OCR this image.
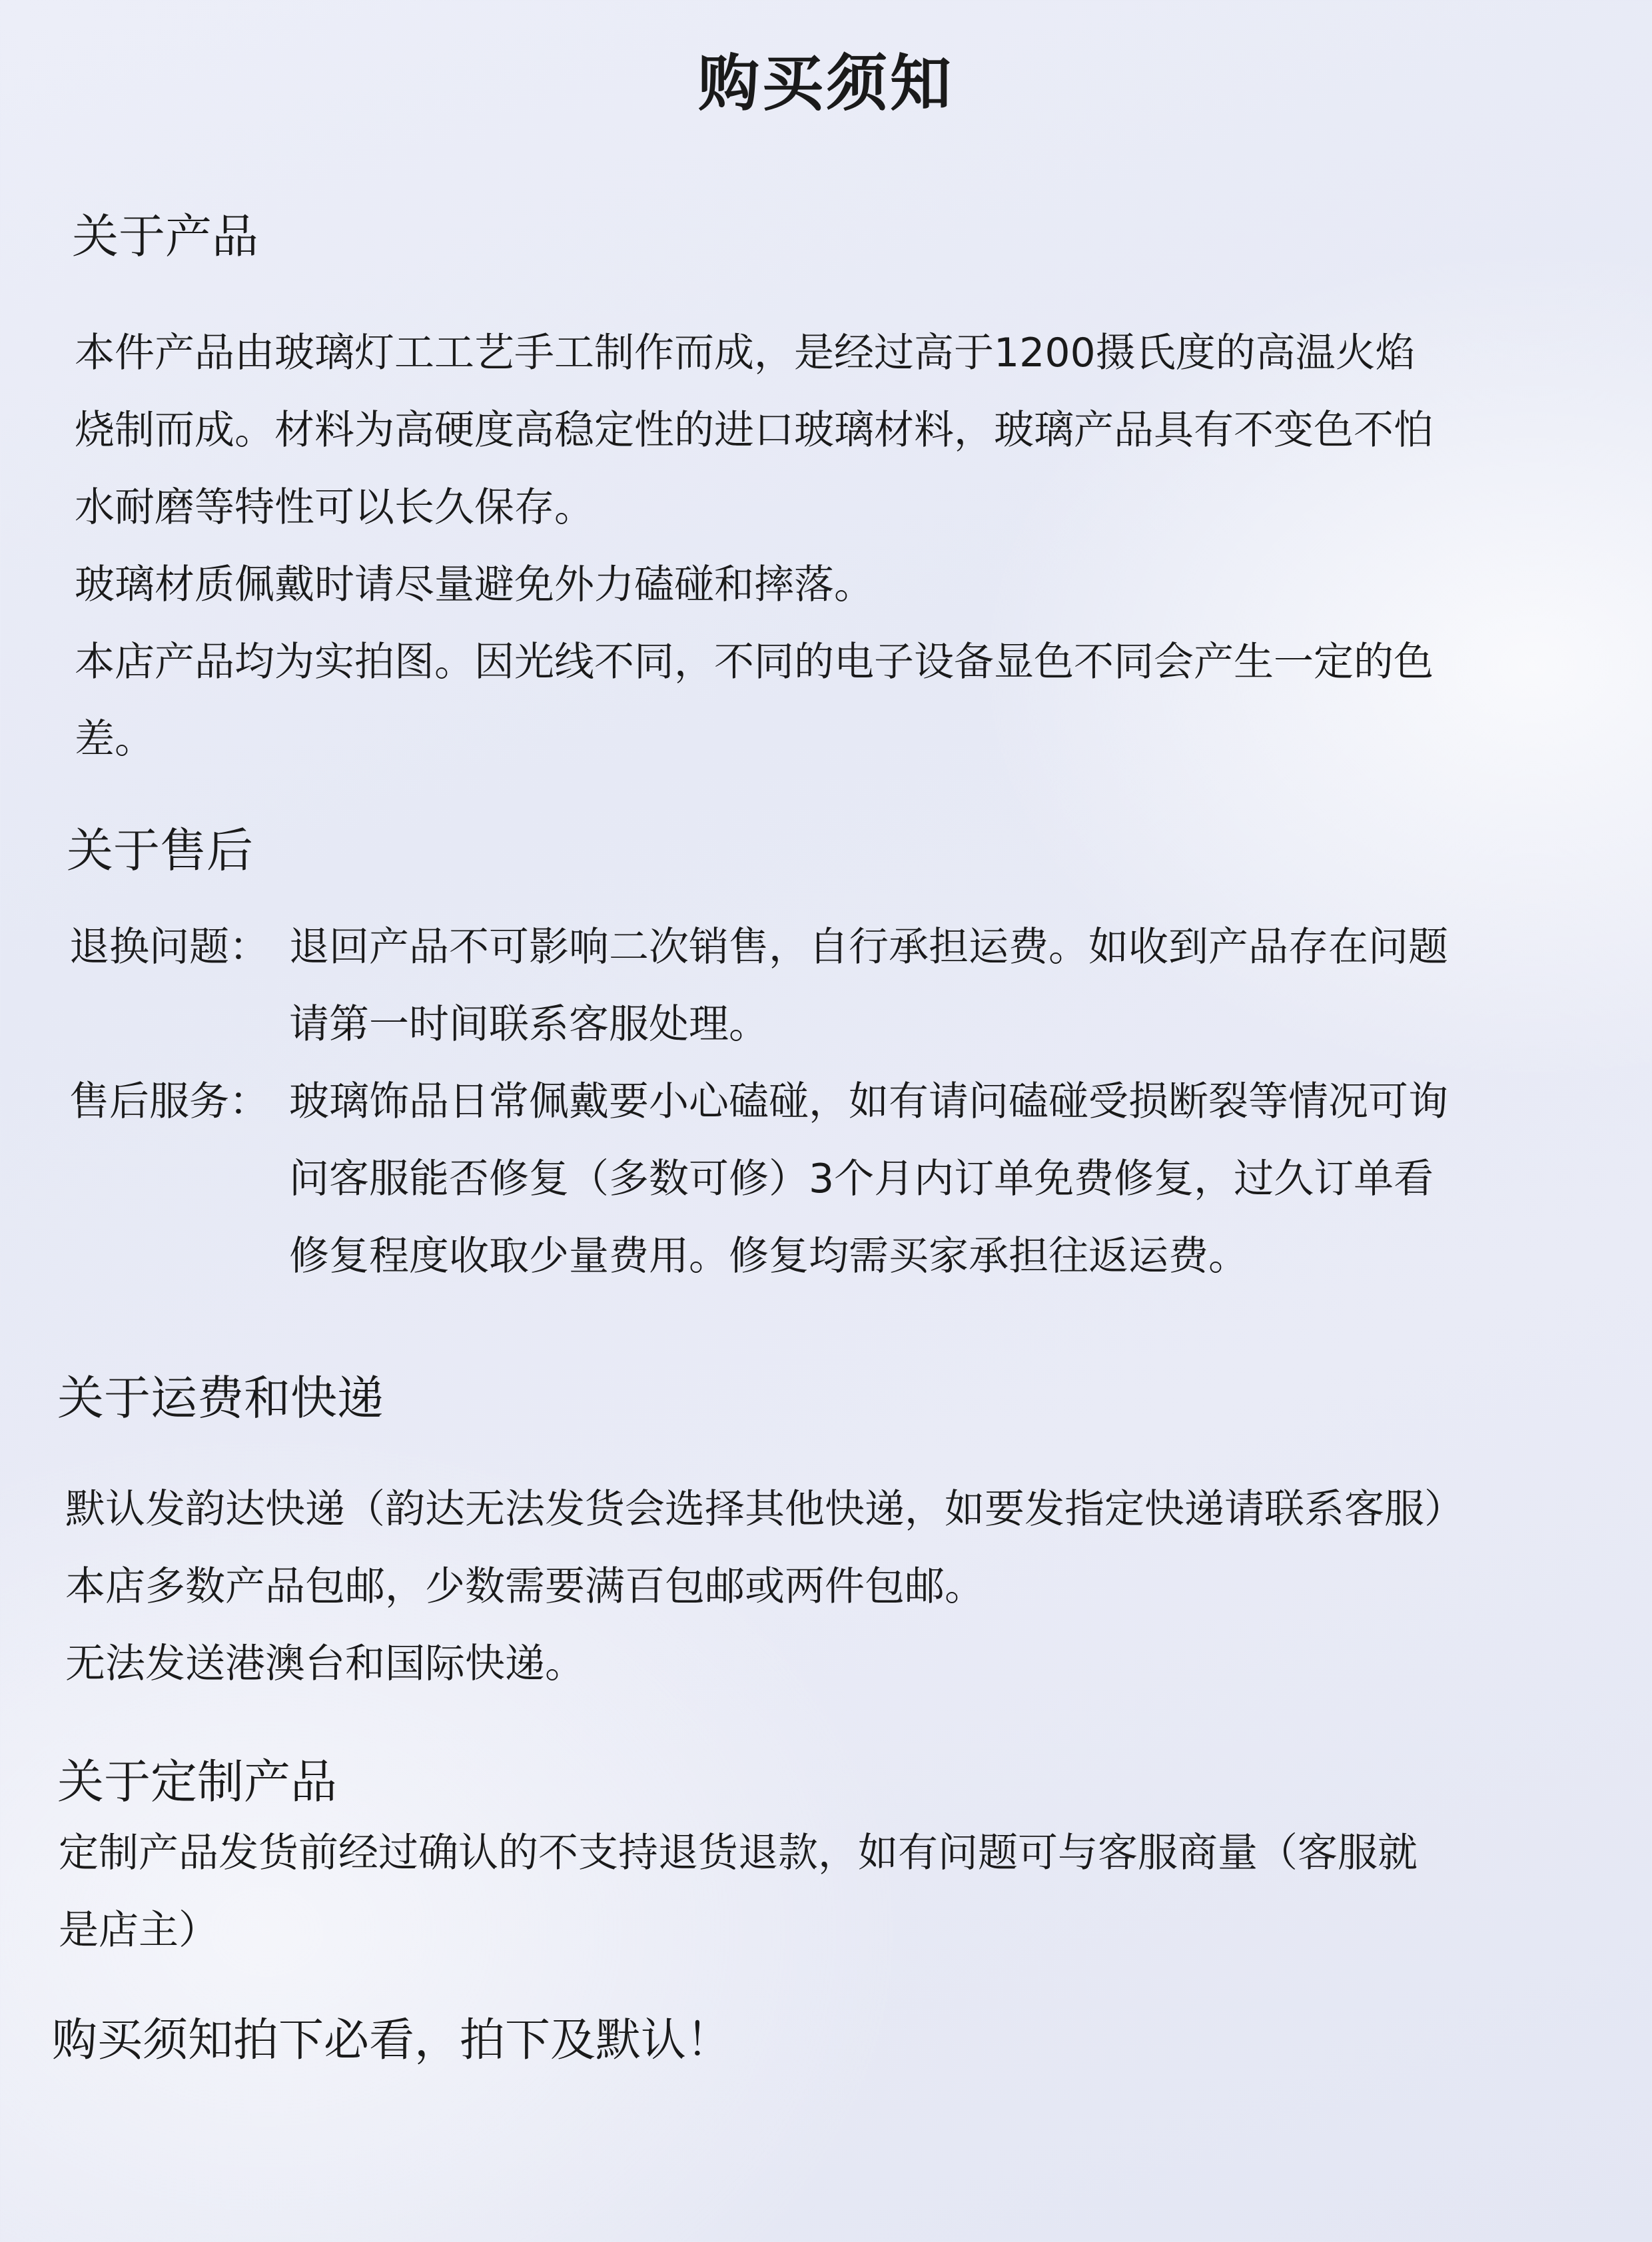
购买须知
关于产品
本件产品由玻璃灯工工艺手工制作而成，是经过高于1200摄氏度的高温火焰
烧制而成。材料为高硬度高稳定性的进口玻璃材料，玻璃产品具有不变色不怕
水耐磨等特性可以长久保存。
玻璃材质佩戴时请尽量避免外力磕碰和摔落。
本店产品均为实拍图。因光线不同，不同的电子设备显色不同会产生一定的色
差。
关于售后
退换问题： 退回产品不可影响二次销售，自行承担运费。如收到产品存在问题
请第一时间联系客服处理。
售后服务： 玻璃饰品日常佩戴要小心磕碰，如有请问磕碰受损断裂等情况可询
问客服能否修复（多数可修）3个月内订单免费修复，过久订单看
修复程度收取少量费用。修复均需买家承担往返运费。
关于运费和快递
默认发韵达快递（韵达无法发货会选择其他快递，如要发指定快递请联系客服）
本店多数产品包邮，少数需要满百包邮或两件包邮。
无法发送港澳台和国际快递。
关于定制产品
定制产品发货前经过确认的不支持退货退款，如有问题可与客服商量（客服就
是店主）
购买须知拍下必看，拍下及默认！
